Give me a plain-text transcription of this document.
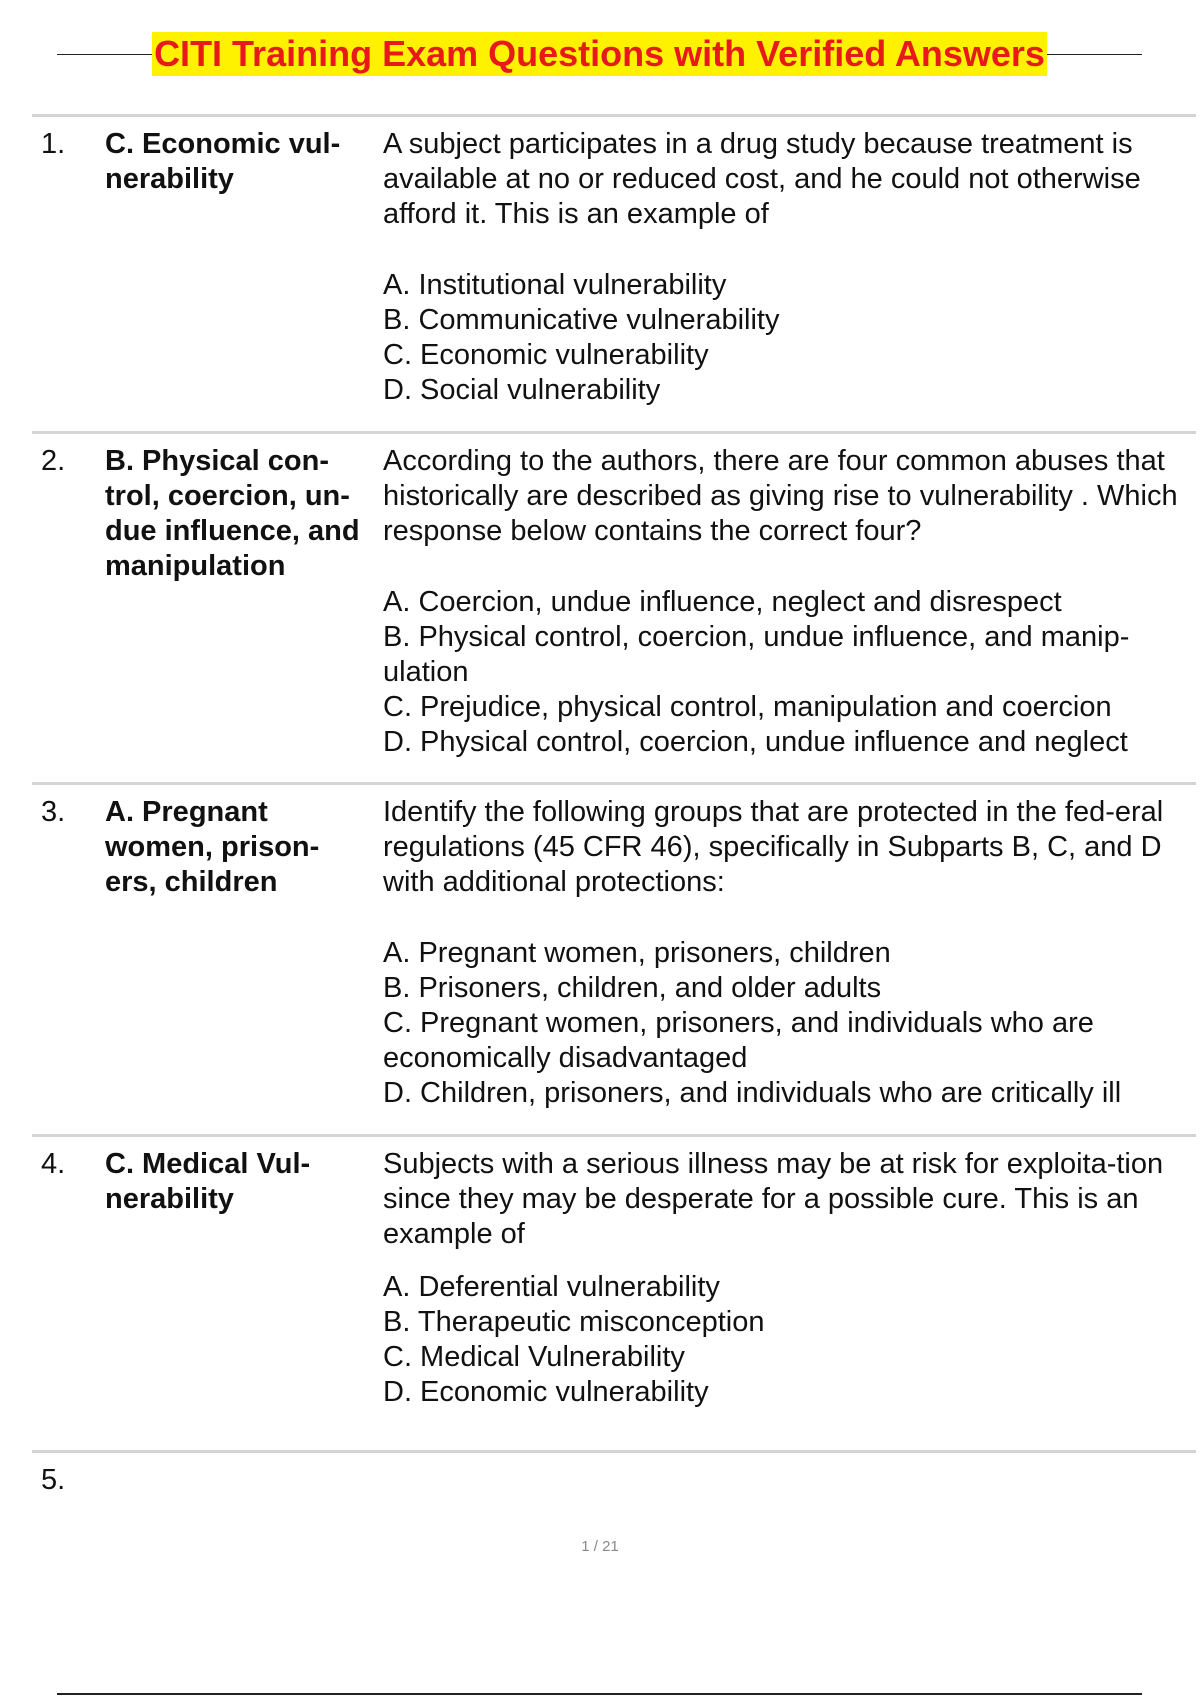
CITI Training Exam Questions with Verified Answers
1.	C. Economic vul-nerability

A subject participates in a drug study because treatment is available at no or reduced cost, and he could not otherwise afford it. This is an example of

A. Institutional vulnerability
B. Communicative vulnerability
C. Economic vulnerability
D. Social vulnerability
2.	B. Physical con-trol, coercion, un-due influence, and manipulation

According to the authors, there are four common abuses that historically are described as giving rise to vulnerability . Which response below contains the correct four?

A. Coercion, undue influence, neglect and disrespect
B. Physical control, coercion, undue influence, and manip-ulation
C. Prejudice, physical control, manipulation and coercion
D. Physical control, coercion, undue influence and neglect
3.	A. Pregnant women, prison-ers, children

Identify the following groups that are protected in the fed-eral regulations (45 CFR 46), specifically in Subparts B, C, and D with additional protections:

A. Pregnant women, prisoners, children
B. Prisoners, children, and older adults
C. Pregnant women, prisoners, and individuals who are economically disadvantaged
D. Children, prisoners, and individuals who are critically ill
4.	C. Medical Vul-nerability

Subjects with a serious illness may be at risk for exploita-tion since they may be desperate for a possible cure. This is an example of

A. Deferential vulnerability
B. Therapeutic misconception
C. Medical Vulnerability
D. Economic vulnerability
5.
1 / 21
